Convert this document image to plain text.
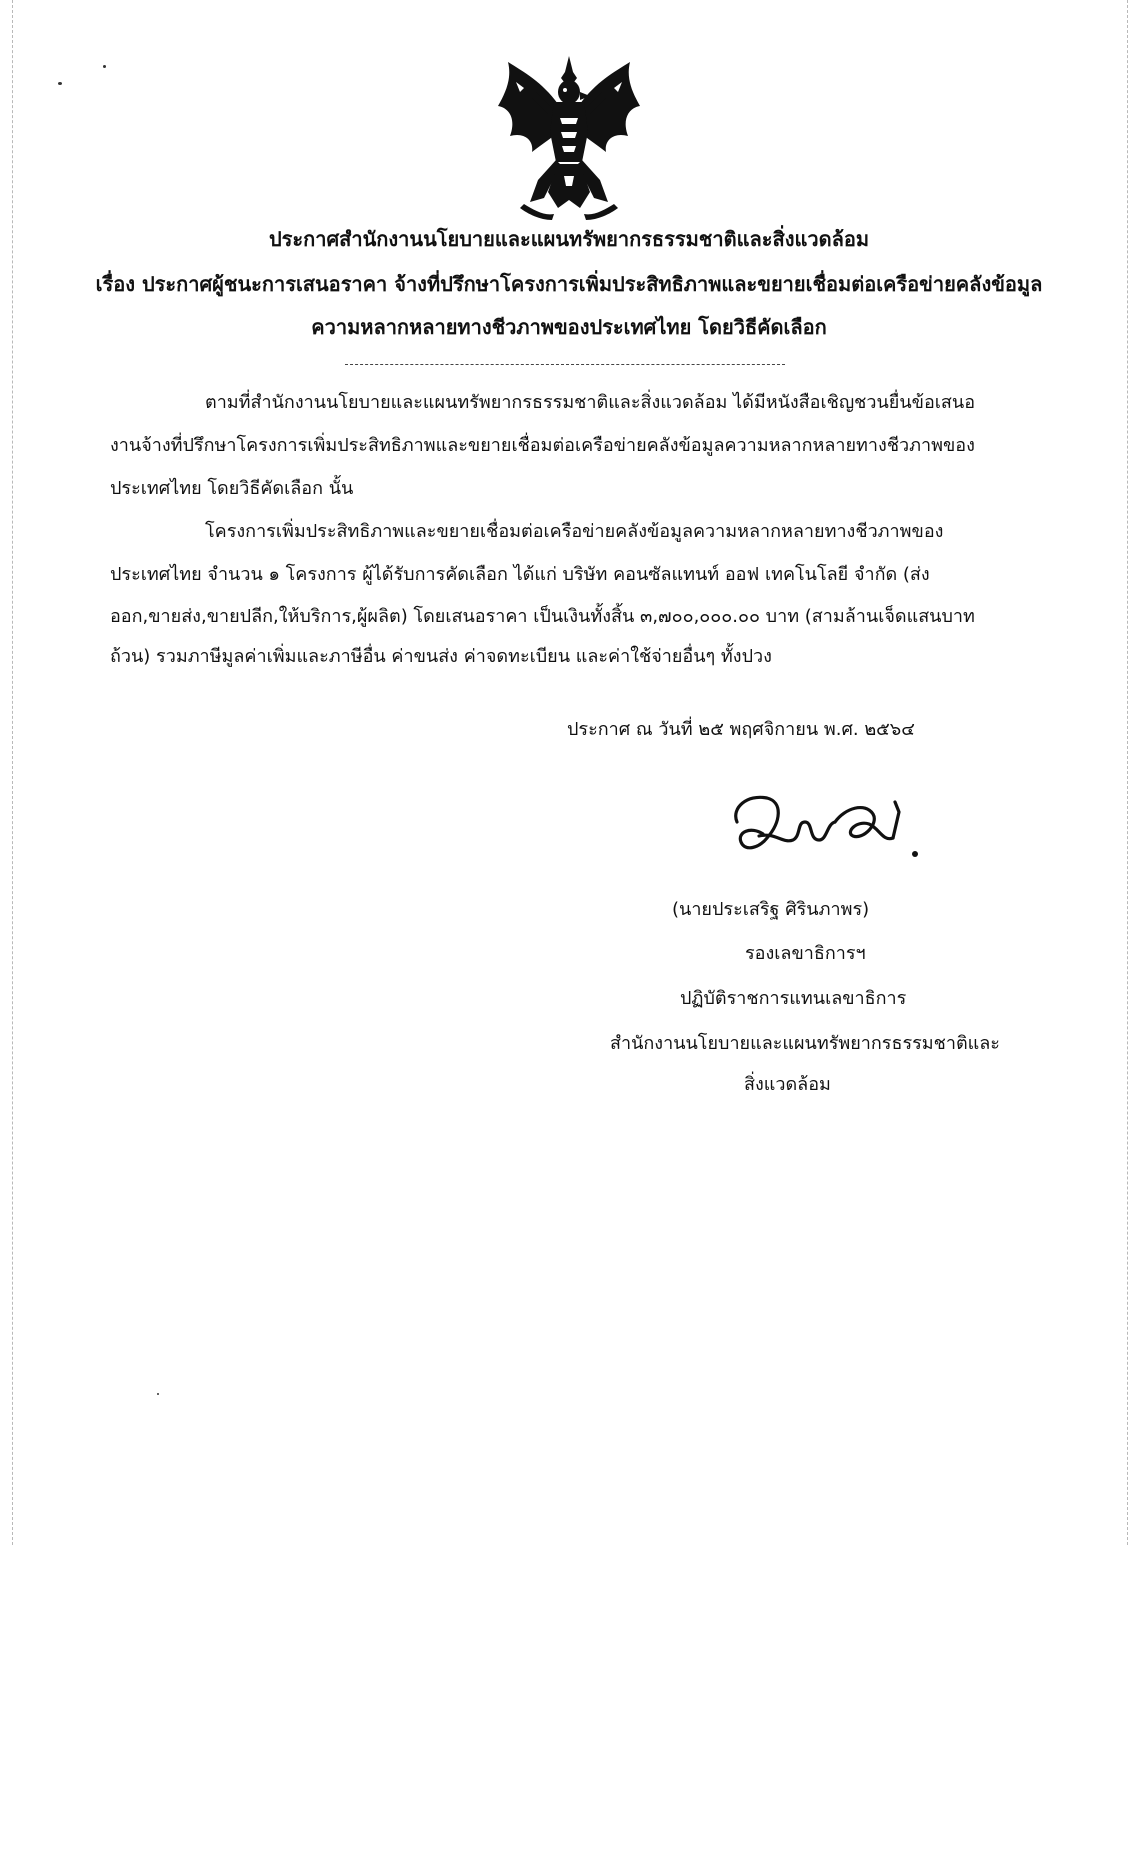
ประกาศสำนักงานนโยบายและแผนทรัพยากรธรรมชาติและสิ่งแวดล้อม
เรื่อง ประกาศผู้ชนะการเสนอราคา จ้างที่ปรึกษาโครงการเพิ่มประสิทธิภาพและขยายเชื่อมต่อเครือข่ายคลังข้อมูล
ความหลากหลายทางชีวภาพของประเทศไทย โดยวิธีคัดเลือก
ตามที่สำนักงานนโยบายและแผนทรัพยากรธรรมชาติและสิ่งแวดล้อม ได้มีหนังสือเชิญชวนยื่นข้อเสนอ
งานจ้างที่ปรึกษาโครงการเพิ่มประสิทธิภาพและขยายเชื่อมต่อเครือข่ายคลังข้อมูลความหลากหลายทางชีวภาพของ
ประเทศไทย โดยวิธีคัดเลือก นั้น
โครงการเพิ่มประสิทธิภาพและขยายเชื่อมต่อเครือข่ายคลังข้อมูลความหลากหลายทางชีวภาพของ
ประเทศไทย จำนวน ๑ โครงการ ผู้ได้รับการคัดเลือก ได้แก่ บริษัท คอนซัลแทนท์ ออฟ เทคโนโลยี จำกัด (ส่ง
ออก,ขายส่ง,ขายปลีก,ให้บริการ,ผู้ผลิต) โดยเสนอราคา เป็นเงินทั้งสิ้น ๓,๗๐๐,๐๐๐.๐๐ บาท (สามล้านเจ็ดแสนบาท
ถ้วน) รวมภาษีมูลค่าเพิ่มและภาษีอื่น ค่าขนส่ง ค่าจดทะเบียน และค่าใช้จ่ายอื่นๆ ทั้งปวง
ประกาศ ณ วันที่ ๒๕ พฤศจิกายน พ.ศ. ๒๕๖๔
(นายประเสริฐ ศิรินภาพร)
รองเลขาธิการฯ
ปฏิบัติราชการแทนเลขาธิการ
สำนักงานนโยบายและแผนทรัพยากรธรรมชาติและ
สิ่งแวดล้อม
